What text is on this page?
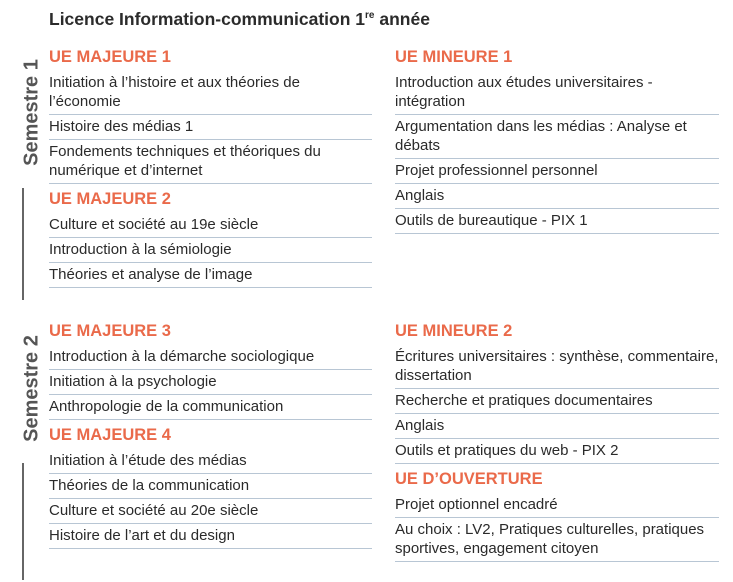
Licence Information-communication 1re année
Semestre 1
UE MAJEURE 1
Initiation à l’histoire et aux théories de l’économie
Histoire des médias 1
Fondements techniques et théoriques du numérique et d’internet
UE MAJEURE 2
Culture et société au 19e siècle
Introduction à la sémiologie
Théories et analyse de l’image
UE MINEURE 1
Introduction aux études universitaires - intégration
Argumentation dans les médias : Analyse et débats
Projet professionnel personnel
Anglais
Outils de bureautique - PIX 1
Semestre 2
UE MAJEURE 3
Introduction à la démarche sociologique
Initiation à la psychologie
Anthropologie de la communication
UE MAJEURE 4
Initiation à l’étude des médias
Théories de la communication
Culture et société au 20e siècle
Histoire de l’art et du design
UE MINEURE 2
Écritures universitaires : synthèse, commentaire, dissertation
Recherche et pratiques documentaires
Anglais
Outils et pratiques du web - PIX 2
UE D’OUVERTURE
Projet optionnel encadré
Au choix : LV2, Pratiques culturelles, pratiques sportives, engagement citoyen
